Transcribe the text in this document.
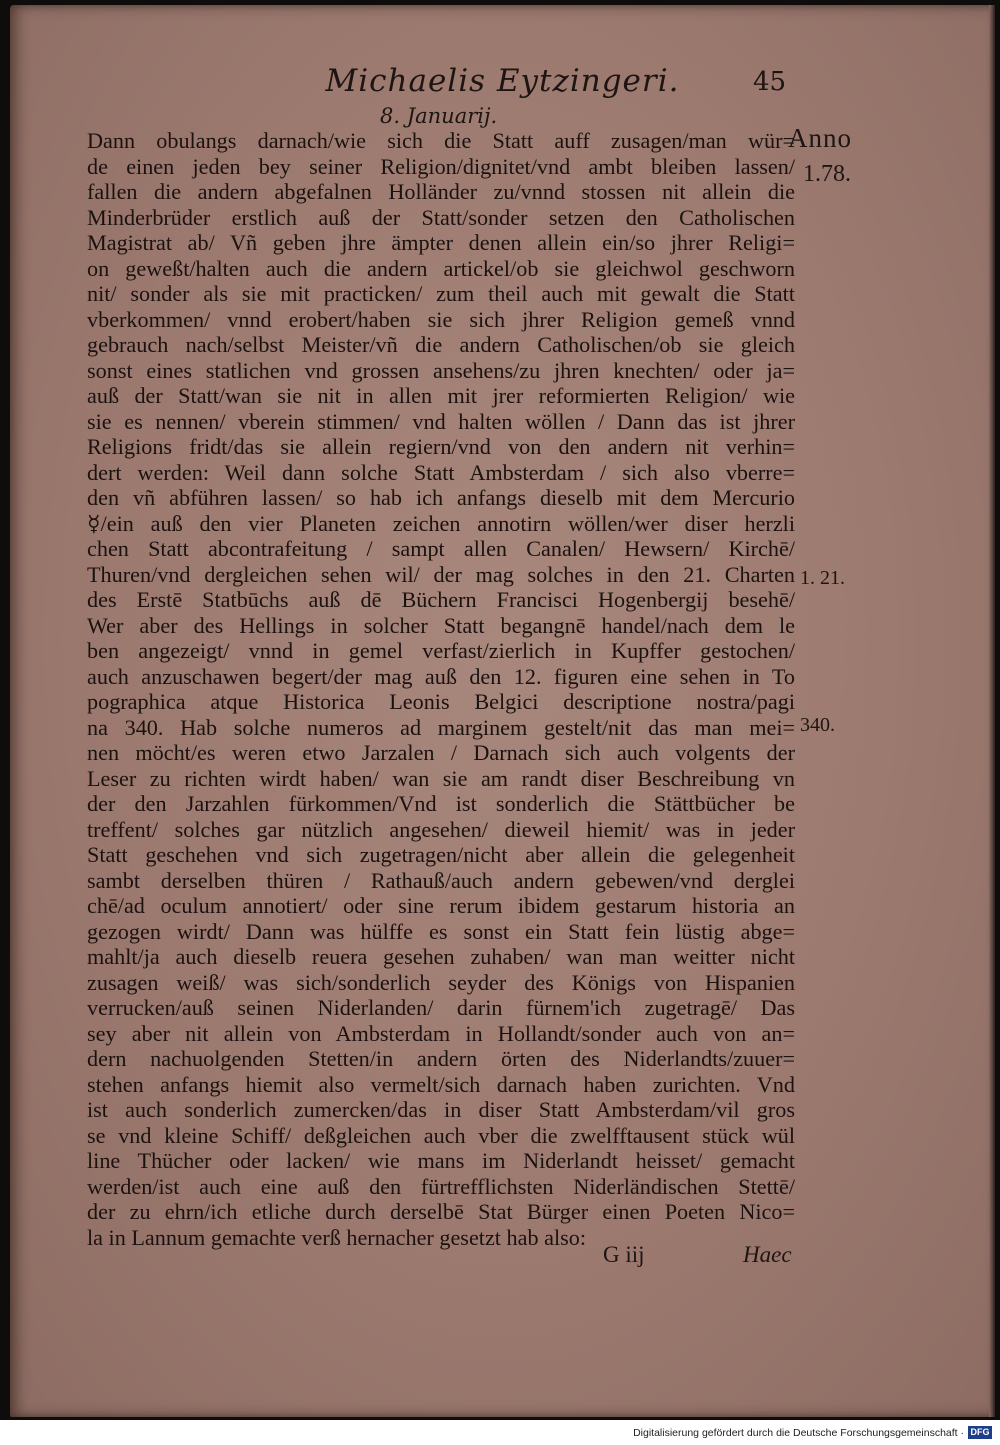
Michaelis Eytzingeri.	45
8. Januarij.
Anno
1.78.
1. 21.
340.
Dann obulangs darnach/wie sich die Statt auff zusagen/man wür=
de einen jeden bey seiner Religion/dignitet/vnd ambt bleiben lassen/
fallen die andern abgefalnen Holländer zu/vnnd stossen nit allein die
Minderbrüder erstlich auß der Statt/sonder setzen den Catholischen
Magistrat ab/ Vñ geben jhre ämpter denen allein ein/so jhrer Religi=
on geweßt/halten auch die andern artickel/ob sie gleichwol geschworn
nit/ sonder als sie mit practicken/ zum theil auch mit gewalt die Statt
vberkommen/ vnnd erobert/haben sie sich jhrer Religion gemeß vnnd
gebrauch nach/selbst Meister/vñ die andern Catholischen/ob sie gleich
sonst eines statlichen vnd grossen ansehens/zu jhren knechten/ oder ja=
auß der Statt/wan sie nit in allen mit jrer reformierten Religion/ wie
sie es nennen/ vberein stimmen/ vnd halten wöllen / Dann das ist jhrer
Religions fridt/das sie allein regiern/vnd von den andern nit verhin=
dert werden: Weil dann solche Statt Ambsterdam / sich also vberre=
den vñ abführen lassen/ so hab ich anfangs dieselb mit dem Mercurio
☿/ein auß den vier Planeten zeichen annotirn wöllen/wer diser herzli
chen Statt abcontrafeitung / sampt allen Canalen/ Hewsern/ Kirchē/
Thuren/vnd dergleichen sehen wil/ der mag solches in den 21. Charten
des Erstē Statbūchs auß dē Büchern Francisci Hogenbergij besehē/
Wer aber des Hellings in solcher Statt begangnē handel/nach dem le
ben angezeigt/ vnnd in gemel verfast/zierlich in Kupffer gestochen/
auch anzuschawen begert/der mag auß den 12. figuren eine sehen in To
pographica atque Historica Leonis Belgici descriptione nostra/pagi
na 340. Hab solche numeros ad marginem gestelt/nit das man mei=
nen möcht/es weren etwo Jarzalen / Darnach sich auch volgents der
Leser zu richten wirdt haben/ wan sie am randt diser Beschreibung vn
der den Jarzahlen fürkommen/Vnd ist sonderlich die Stättbücher be
treffent/ solches gar nützlich angesehen/ dieweil hiemit/ was in jeder
Statt geschehen vnd sich zugetragen/nicht aber allein die gelegenheit
sambt derselben thüren / Rathauß/auch andern gebewen/vnd derglei
chē/ad oculum annotiert/ oder sine rerum ibidem gestarum historia an
gezogen wirdt/ Dann was hülffe es sonst ein Statt fein lüstig abge=
mahlt/ja auch dieselb reuera gesehen zuhaben/ wan man weitter nicht
zusagen weiß/ was sich/sonderlich seyder des Königs von Hispanien
verrucken/auß seinen Niderlanden/ darin fürnem'ich zugetragē/ Das
sey aber nit allein von Ambsterdam in Hollandt/sonder auch von an=
dern nachuolgenden Stetten/in andern örten des Niderlandts/zuuer=
stehen anfangs hiemit also vermelt/sich darnach haben zurichten. Vnd
ist auch sonderlich zumercken/das in diser Statt Ambsterdam/vil gros
se vnd kleine Schiff/ deßgleichen auch vber die zwelfftausent stück wül
line Thücher oder lacken/ wie mans im Niderlandt heisset/ gemacht
werden/ist auch eine auß den fürtrefflichsten Niderländischen Stettē/
der zu ehrn/ich etliche durch derselbē Stat Bürger einen Poeten Nico=
la in Lannum gemachte verß hernacher gesetzt hab also:
G iij	Haec
Digitalisierung gefördert durch die Deutsche Forschungsgemeinschaft · DFG
